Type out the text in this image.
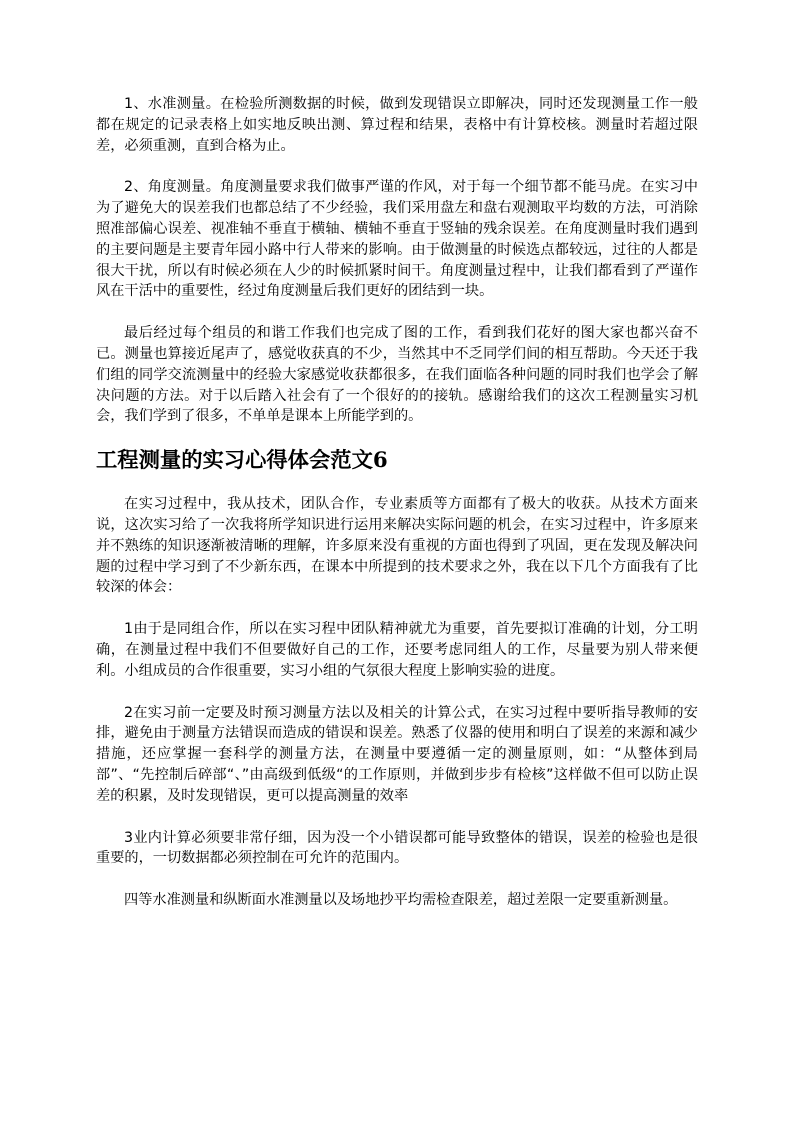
1、水准测量。在检验所测数据的时候，做到发现错误立即解决，同时还发现测量工作一般都在规定的记录表格上如实地反映出测、算过程和结果，表格中有计算校核。测量时若超过限差，必须重测，直到合格为止。

2、角度测量。角度测量要求我们做事严谨的作风，对于每一个细节都不能马虎。在实习中为了避免大的误差我们也都总结了不少经验，我们采用盘左和盘右观测取平均数的方法，可消除照准部偏心误差、视准轴不垂直于横轴、横轴不垂直于竖轴的残余误差。在角度测量时我们遇到的主要问题是主要青年园小路中行人带来的影响。由于做测量的时候选点都较远，过往的人都是很大干扰，所以有时候必须在人少的时候抓紧时间干。角度测量过程中，让我们都看到了严谨作风在干活中的重要性，经过角度测量后我们更好的团结到一块。

最后经过每个组员的和谐工作我们也完成了图的工作，看到我们花好的图大家也都兴奋不已。测量也算接近尾声了，感觉收获真的不少，当然其中不乏同学们间的相互帮助。今天还于我们组的同学交流测量中的经验大家感觉收获都很多，在我们面临各种问题的同时我们也学会了解决问题的方法。对于以后踏入社会有了一个很好的的接轨。感谢给我们的这次工程测量实习机会，我们学到了很多，不单单是课本上所能学到的。

工程测量的实习心得体会范文6

在实习过程中，我从技术，团队合作，专业素质等方面都有了极大的收获。从技术方面来说，这次实习给了一次我将所学知识进行运用来解决实际问题的机会，在实习过程中，许多原来并不熟练的知识逐渐被清晰的理解，许多原来没有重视的方面也得到了巩固，更在发现及解决问题的过程中学习到了不少新东西，在课本中所提到的技术要求之外，我在以下几个方面我有了比较深的体会：

1由于是同组合作，所以在实习程中团队精神就尤为重要，首先要拟订准确的计划，分工明确，在测量过程中我们不但要做好自己的工作，还要考虑同组人的工作，尽量要为别人带来便利。小组成员的合作很重要，实习小组的气氛很大程度上影响实验的进度。

2在实习前一定要及时预习测量方法以及相关的计算公式，在实习过程中要听指导教师的安排，避免由于测量方法错误而造成的错误和误差。熟悉了仪器的使用和明白了误差的来源和减少措施，还应掌握一套科学的测量方法，在测量中要遵循一定的测量原则，如：“从整体到局部”、“先控制后碎部“、”由高级到低级“的工作原则，并做到步步有检核”这样做不但可以防止误差的积累，及时发现错误，更可以提高测量的效率

3业内计算必须要非常仔细，因为没一个小错误都可能导致整体的错误，误差的检验也是很重要的，一切数据都必须控制在可允许的范围内。

四等水准测量和纵断面水准测量以及场地抄平均需检查限差，超过差限一定要重新测量。
